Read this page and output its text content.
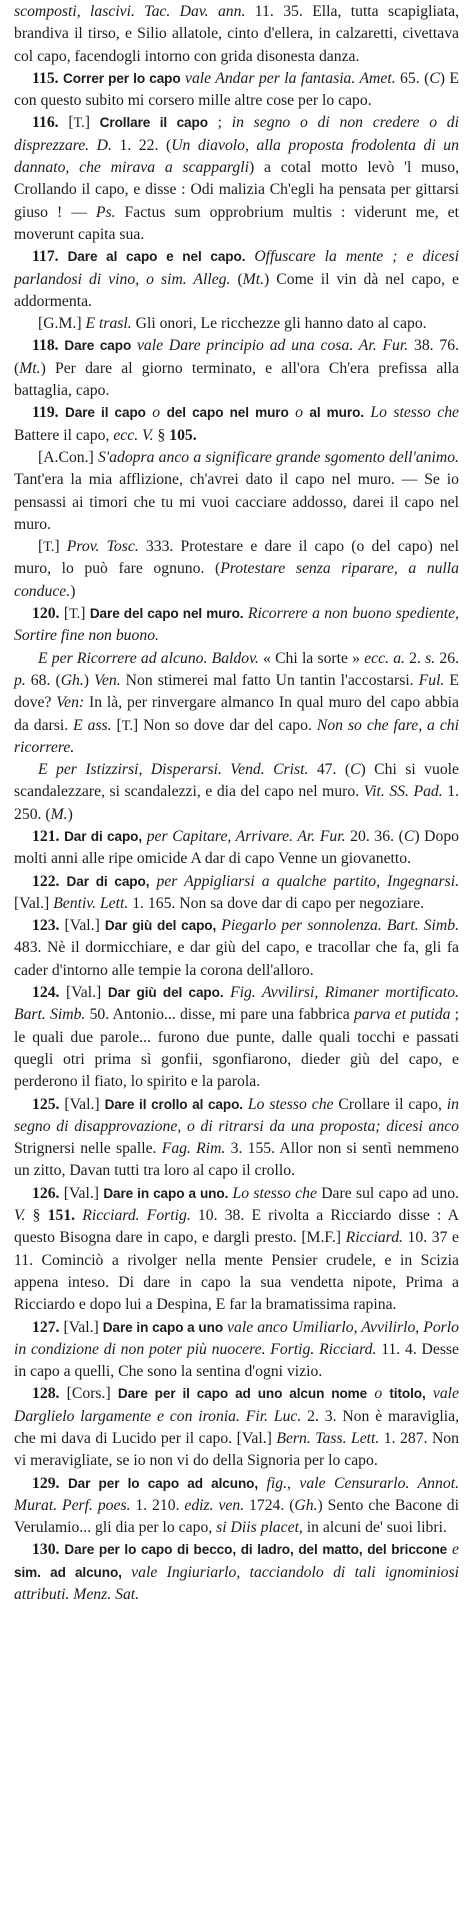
scomposti, lascivi. Tac. Dav. ann. 11. 35. Ella, tutta scapigliata, brandiva il tirso, e Silio allatole, cinto d'ellera, in calzaretti, civettava col capo, facendogli intorno con grida disonesta danza.

115. Correr per lo capo vale Andar per la fantasia. Amet. 65. (C) E con questo subito mi corsero mille altre cose per lo capo.

116. [T.] Crollare il capo ; in segno o di non credere o di disprezzare. D. 1. 22. (Un diavolo, alla proposta frodolenta di un dannato, che mirava a scappargli) a cotal motto levò 'l muso, Crollando il capo, e disse : Odi malizia Ch'egli ha pensata per gittarsi giuso ! — Ps. Factus sum opprobrium multis : viderunt me, et moverunt capita sua.

117. Dare al capo e nel capo. Offuscare la mente ; e dicesi parlandosi di vino, o sim. Alleg. (Mt.) Come il vin dà nel capo, e addormenta.

[G.M.] E trasl. Gli onori, Le ricchezze gli hanno dato al capo.

118. Dare capo vale Dare principio ad una cosa. Ar. Fur. 38. 76. (Mt.) Per dare al giorno terminato, e all'ora Ch'era prefissa alla battaglia, capo.

119. Dare il capo o del capo nel muro o al muro. Lo stesso che Battere il capo, ecc. V. § 105.

[A.Con.] S'adopra anco a significare grande sgomento dell'animo. Tant'era la mia afflizione, ch'avrei dato il capo nel muro. — Se io pensassi ai timori che tu mi vuoi cacciare addosso, darei il capo nel muro.

[T.] Prov. Tosc. 333. Protestare e dare il capo (o del capo) nel muro, lo può fare ognuno. (Protestare senza riparare, a nulla conduce.)

120. [T.] Dare del capo nel muro. Ricorrere a non buono spediente, Sortire fine non buono.

E per Ricorrere ad alcuno. Baldov. « Chi la sorte » ecc. a. 2. s. 26. p. 68. (Gh.) Ven. Non stimerei mal fatto Un tantin l'accostarsi. Ful. E dove? Ven: In là, per rinvergare almanco In qual muro del capo abbia da darsi. E ass. [T.] Non so dove dar del capo. Non so che fare, a chi ricorrere.

E per Istizzirsi, Disperarsi. Vend. Crist. 47. (C) Chi si vuole scandalezzare, si scandalezzi, e dia del capo nel muro. Vit. SS. Pad. 1. 250. (M.)

121. Dar di capo, per Capitare, Arrivare. Ar. Fur. 20. 36. (C) Dopo molti anni alle ripe omicide A dar di capo Venne un giovanetto.

122. Dar di capo, per Appigliarsi a qualche partito, Ingegnarsi. [Val.] Bentiv. Lett. 1. 165. Non sa dove dar di capo per negoziare.

123. [Val.] Dar giù del capo, Piegarlo per sonnolenza. Bart. Simb. 483. Nè il dormicchiare, e dar giù del capo, e tracollar che fa, gli fa cader d'intorno alle tempie la corona dell'alloro.

124. [Val.] Dar giù del capo. Fig. Avvilirsi, Rimaner mortificato. Bart. Simb. 50. Antonio... disse, mi pare una fabbrica parva et putida ; le quali due parole... furono due punte, dalle quali tocchi e passati quegli otri prima sì gonfii, sgonfiarono, dieder giù del capo, e perderono il fiato, lo spirito e la parola.

125. [Val.] Dare il crollo al capo. Lo stesso che Crollare il capo, in segno di disapprovazione, o di ritrarsi da una proposta; dicesi anco Strignersi nelle spalle. Fag. Rim. 3. 155. Allor non si sentì nemmeno un zitto, Davan tutti tra loro al capo il crollo.

126. [Val.] Dare in capo a uno. Lo stesso che Dare sul capo ad uno. V. § 151. Ricciard. Fortig. 10. 38. E rivolta a Ricciardo disse : A questo Bisogna dare in capo, e dargli presto. [M.F.] Ricciard. 10. 37 e 11. Cominciò a rivolger nella mente Pensier crudele, e in Scizia appena inteso. Di dare in capo la sua vendetta nipote, Prima a Ricciardo e dopo lui a Despina, E far la bramatissima rapina.

127. [Val.] Dare in capo a uno vale anco Umiliarlo, Avvilirlo, Porlo in condizione di non poter più nuocere. Fortig. Ricciard. 11. 4. Desse in capo a quelli, Che sono la sentina d'ogni vizio.

128. [Cors.] Dare per il capo ad uno alcun nome o titolo, vale Darglielo largamente e con ironia. Fir. Luc. 2. 3. Non è maraviglia, che mi dava di Lucido per il capo. [Val.] Bern. Tass. Lett. 1. 287. Non vi meravigliate, se io non vi do della Signoria per lo capo.

129. Dar per lo capo ad alcuno, fig., vale Censurarlo. Annot. Murat. Perf. poes. 1. 210. ediz. ven. 1724. (Gh.) Sento che Bacone di Verulamio... gli dia per lo capo, si Diis placet, in alcuni de' suoi libri.

130. Dare per lo capo di becco, di ladro, del matto, del briccone e sim. ad alcuno, vale Ingiuriarlo, tacciandolo di tali ignominiosi attributi. Menz. Sat.
